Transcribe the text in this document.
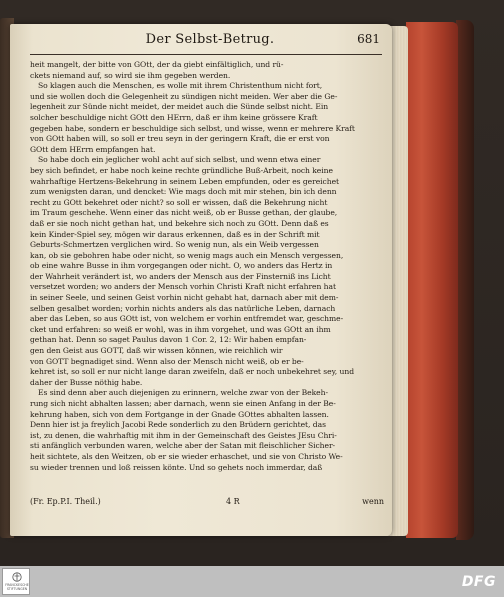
Der Selbst-Betrug.	681
heit mangelt, der bitte von GOtt, der da giebt einfältiglich, und rü-
ckets niemand auf, so wird sie ihm gegeben werden.
So klagen auch die Menschen, es wolle mit ihrem Christenthum nicht fort,
und sie wollen doch die Gelegenheit zu sündigen nicht meiden. Wer aber die Ge-
legenheit zur Sünde nicht meidet, der meidet auch die Sünde selbst nicht. Ein
solcher beschuldige nicht GOtt den HErrn, daß er ihm keine grössere Kraft
gegeben habe, sondern er beschuldige sich selbst, und wisse, wenn er mehrere Kraft
von GOtt haben will, so soll er treu seyn in der geringern Kraft, die er erst von
GOtt dem HErrn empfangen hat.
So habe doch ein jeglicher wohl acht auf sich selbst, und wenn etwa einer
bey sich befindet, er habe noch keine rechte gründliche Buß-Arbeit, noch keine
wahrhaftige Hertzens-Bekehrung in seinem Leben empfunden, oder es gereichet
zum wenigsten daran, und dencket: Wie mags doch mit mir stehen, bin ich denn
recht zu GOtt bekehret oder nicht? so soll er wissen, daß die Bekehrung nicht
im Traum geschehe. Wenn einer das nicht weiß, ob er Busse gethan, der glaube,
daß er sie noch nicht gethan hat, und bekehre sich noch zu GOtt. Denn daß es
kein Kinder-Spiel sey, mögen wir daraus erkennen, daß es in der Schrift mit
Geburts-Schmertzen verglichen wird. So wenig nun, als ein Weib vergessen
kan, ob sie gebohren habe oder nicht, so wenig mags auch ein Mensch vergessen,
ob eine wahre Busse in ihm vorgegangen oder nicht. O, wo anders das Hertz in
der Wahrheit verändert ist, wo anders der Mensch aus der Finsterniß ins Licht
versetzet worden; wo anders der Mensch vorhin Christi Kraft nicht erfahren hat
in seiner Seele, und seinen Geist vorhin nicht gehabt hat, darnach aber mit dem-
selben gesalbet worden; vorhin nichts anders als das natürliche Leben, darnach
aber das Leben, so aus GOtt ist, von welchem er vorhin entfremdet war, geschme-
cket und erfahren: so weiß er wohl, was in ihm vorgehet, und was GOtt an ihm
gethan hat. Denn so saget Paulus davon 1 Cor. 2, 12: Wir haben empfan-
gen den Geist aus GOTT, daß wir wissen können, wie reichlich wir
von GOTT begnadiget sind. Wenn also der Mensch nicht weiß, ob er be-
kehret ist, so soll er nur nicht lange daran zweifeln, daß er noch unbekehret sey, und
daher der Busse nöthig habe.
Es sind denn aber auch diejenigen zu erinnern, welche zwar von der Bekeh-
rung sich nicht abhalten lassen; aber darnach, wenn sie einen Anfang in der Be-
kehrung haben, sich von dem Fortgange in der Gnade GOttes abhalten lassen.
Denn hier ist ja freylich Jacobi Rede sonderlich zu den Brüdern gerichtet, das
ist, zu denen, die wahrhaftig mit ihm in der Gemeinschaft des Geistes JEsu Chri-
sti anfänglich verbunden waren, welche aber der Satan mit fleischlicher Sicher-
heit sichtete, als den Weitzen, ob er sie wieder erhaschet, und sie von Christo We-
su wieder trennen und loß reissen könte. Und so gehets noch immerdar, daß
(Fr. Ep.P.I. Theil.)	4 R	wenn
FRANCKESCHE
STIFTUNGEN	DFG
